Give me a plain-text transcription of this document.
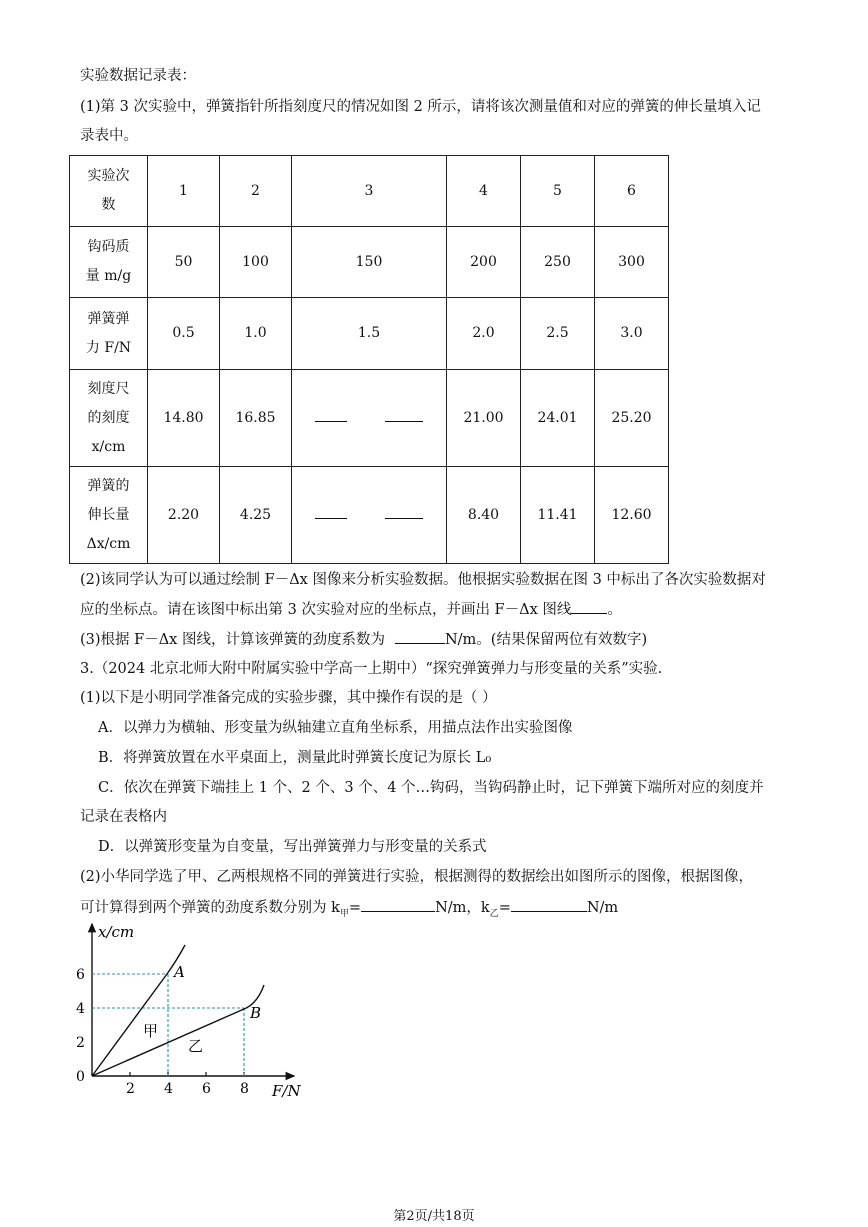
实验数据记录表：
(1)第 3 次实验中，弹簧指针所指刻度尺的情况如图 2 所示，请将该次测量值和对应的弹簧的伸长量填入记
录表中。
实验次
数	1	2	3	4	5	6

钩码质
量 m/g	50	100	150	200	250	300

弹簧弹
力 F/N	0.5	1.0	1.5	2.0	2.5	3.0

刻度尺
的刻度
x/cm	14.80	16.85		21.00	24.01	25.20

弹簧的
伸长量
Δx/cm	2.20	4.25		8.40	11.41	12.60
(2)该同学认为可以通过绘制 F－Δx 图像来分析实验数据。他根据实验数据在图 3 中标出了各次实验数据对
应的坐标点。请在该图中标出第 3 次实验对应的坐标点，并画出 F－Δx 图线 。
(3)根据 F－Δx 图线，计算该弹簧的劲度系数为	N/m。(结果保留两位有效数字)
3.（2024 北京北师大附中附属实验中学高一上期中）“探究弹簧弹力与形变量的关系”实验.
(1)以下是小明同学准备完成的实验步骤，其中操作有误的是（ ）
A．以弹力为横轴、形变量为纵轴建立直角坐标系，用描点法作出实验图像
B．将弹簧放置在水平桌面上，测量此时弹簧长度记为原长 L₀
C．依次在弹簧下端挂上 1 个、2 个、3 个、4 个…钩码，当钩码静止时，记下弹簧下端所对应的刻度并
记录在表格内
D．以弹簧形变量为自变量，写出弹簧弹力与形变量的关系式
(2)小华同学选了甲、乙两根规格不同的弹簧进行实验，根据测得的数据绘出如图所示的图像，根据图像，
可计算得到两个弹簧的劲度系数分别为 $k_甲=$	N/m，$k_乙=$	N/m
x/cm
F/N
0
2
4
6
2 4 6 8
A
B
甲
乙
第2页/共18页
